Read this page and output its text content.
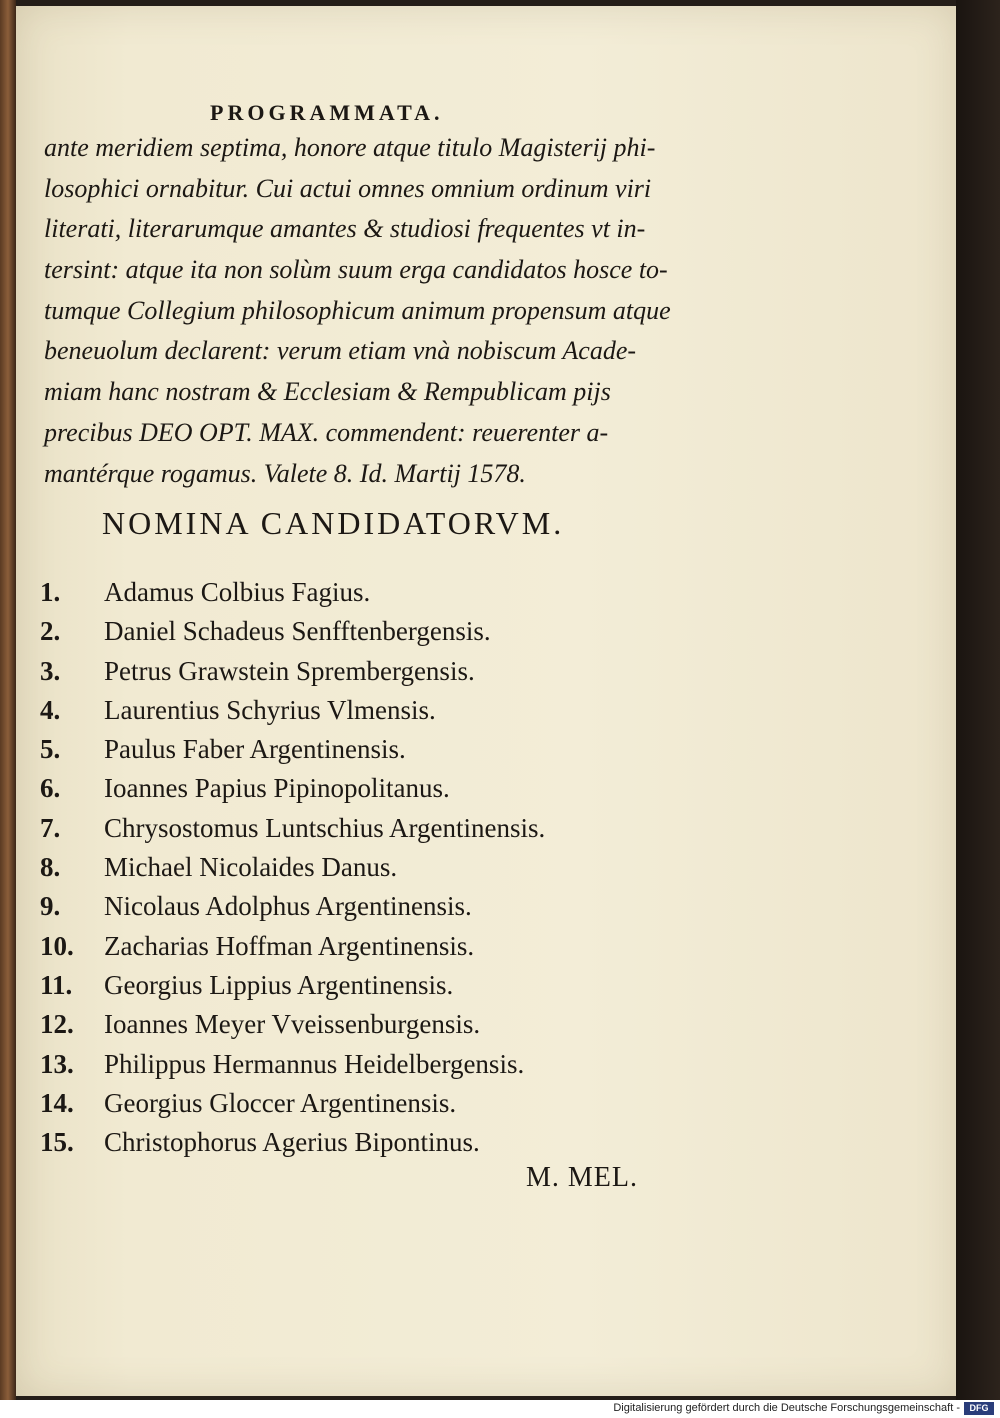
PROGRAMMATA.
ante meridiem septima, honore atque titulo Magisterij phi-
losophici ornabitur. Cui actui omnes omnium ordinum viri
literati, literarumque amantes & studiosi frequentes vt in-
tersint: atque ita non solùm suum erga candidatos hosce to-
tumque Collegium philosophicum animum propensum atque
beneuolum declarent: verum etiam vnà nobiscum Acade-
miam hanc nostram & Ecclesiam & Rempublicam pijs
precibus DEO OPT. MAX. commendent: reuerenter a-
mantérque rogamus. Valete 8. Id. Martij 1578.
NOMINA CANDIDATORVM.
1. Adamus Colbius Fagius.
2. Daniel Schadeus Senfftenbergensis.
3. Petrus Grawstein Sprembergensis.
4. Laurentius Schyrius Vlmensis.
5. Paulus Faber Argentinensis.
6. Ioannes Papius Pipinopolitanus.
7. Chrysostomus Luntschius Argentinensis.
8. Michael Nicolaides Danus.
9. Nicolaus Adolphus Argentinensis.
10. Zacharias Hoffman Argentinensis.
11. Georgius Lippius Argentinensis.
12. Ioannes Meyer Vveissenburgensis.
13. Philippus Hermannus Heidelbergensis.
14. Georgius Gloccer Argentinensis.
15. Christophorus Agerius Bipontinus.
M. MEL.
Digitalisierung gefördert durch die Deutsche Forschungsgemeinschaft -	DFG
